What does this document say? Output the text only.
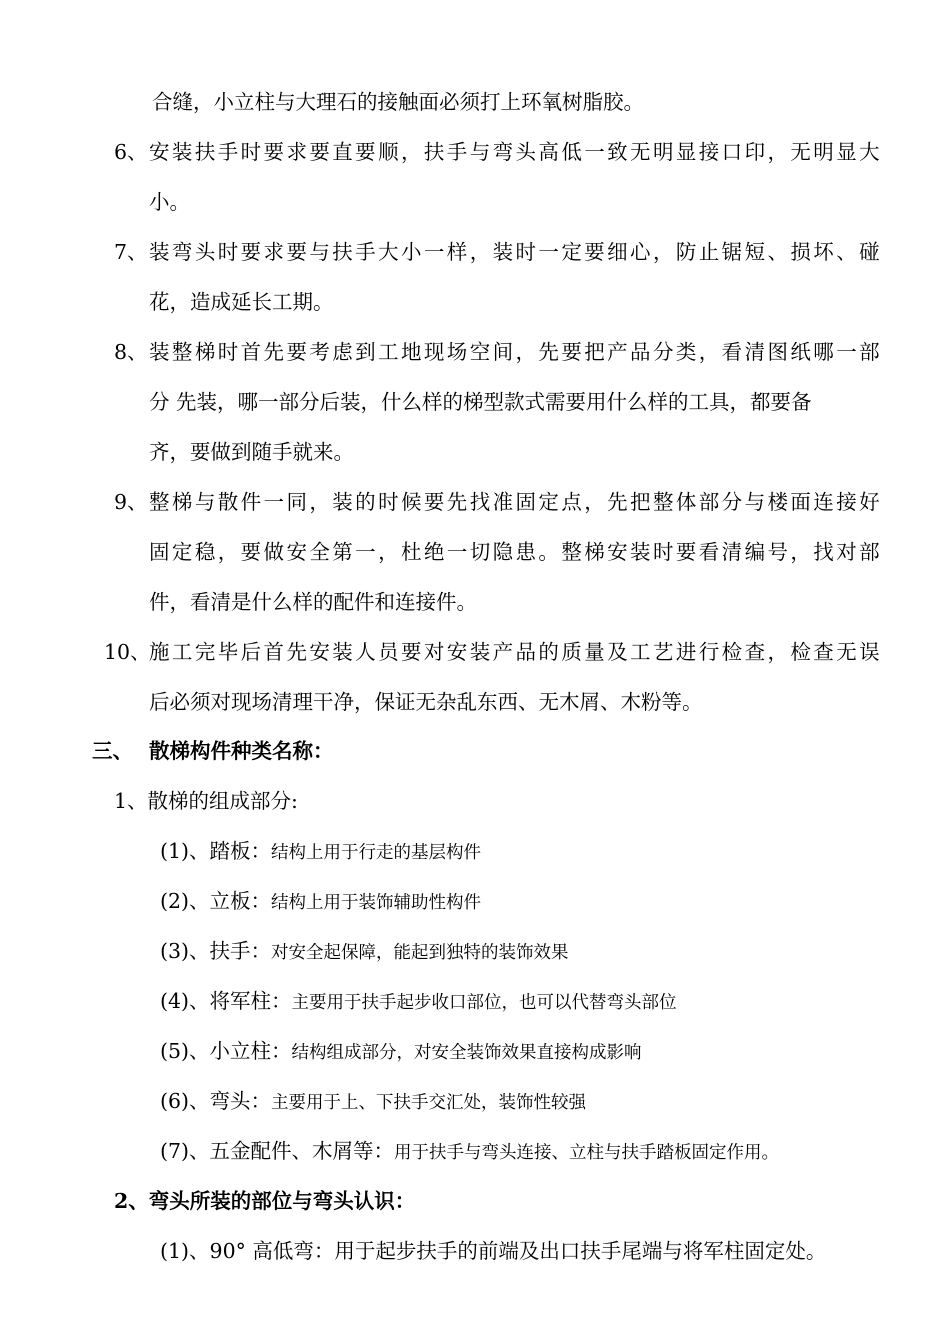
合缝，小立柱与大理石的接触面必须打上环氧树脂胶。
6、 安 装 扶 手 时 要 求 要 直 要 顺 ， 扶 手 与 弯 头 高 低 一 致 无 明 显 接 口 印 ， 无 明 显 大
小。
7、 装 弯 头 时 要 求 要 与 扶 手 大 小 一 样 ， 装 时 一 定 要 细 心 ， 防 止 锯 短 、 损 坏 、 碰
花，造成延长工期。
8、 装 整 梯 时 首 先 要 考 虑 到 工 地 现 场 空 间 ， 先 要 把 产 品 分 类 ， 看 清 图 纸 哪 一 部
分 先装，哪一部分后装，什么样的梯型款式需要用什么样的工具，都要备
齐，要做到随手就来。
9、 整 梯 与 散 件 一 同 ， 装 的 时 候 要 先 找 准 固 定 点 ， 先 把 整 体 部 分 与 楼 面 连 接 好
固 定 稳 ， 要 做 安 全 第 一 ， 杜 绝 一 切 隐 患 。 整 梯 安 装 时 要 看 清 编 号 ， 找 对 部
件，看清是什么样的配件和连接件。
10、
施 工 完 毕 后 首 先 安 装 人 员 要 对 安 装 产 品 的 质 量 及 工 艺 进 行 检 查 ， 检 查 无 误
后必须对现场清理干净，保证无杂乱东西、无木屑、木粉等。
三、 散梯构件种类名称：
1、散梯的组成部分:
(1)、踏板：结构上用于行走的基层构件
(2)、立板：结构上用于装饰辅助性构件
(3)、扶手：对安全起保障，能起到独特的装饰效果
(4)、将军柱：主要用于扶手起步收口部位，也可以代替弯头部位
(5)、小立柱：结构组成部分，对安全装饰效果直接构成影响
(6)、弯头：主要用于上、下扶手交汇处，装饰性较强
(7)、五金配件、木屑等：用于扶手与弯头连接、立柱与扶手踏板固定作用。
2、弯头所装的部位与弯头认识：
(1)、90° 高低弯：用于起步扶手的前端及出口扶手尾端与将军柱固定处。
